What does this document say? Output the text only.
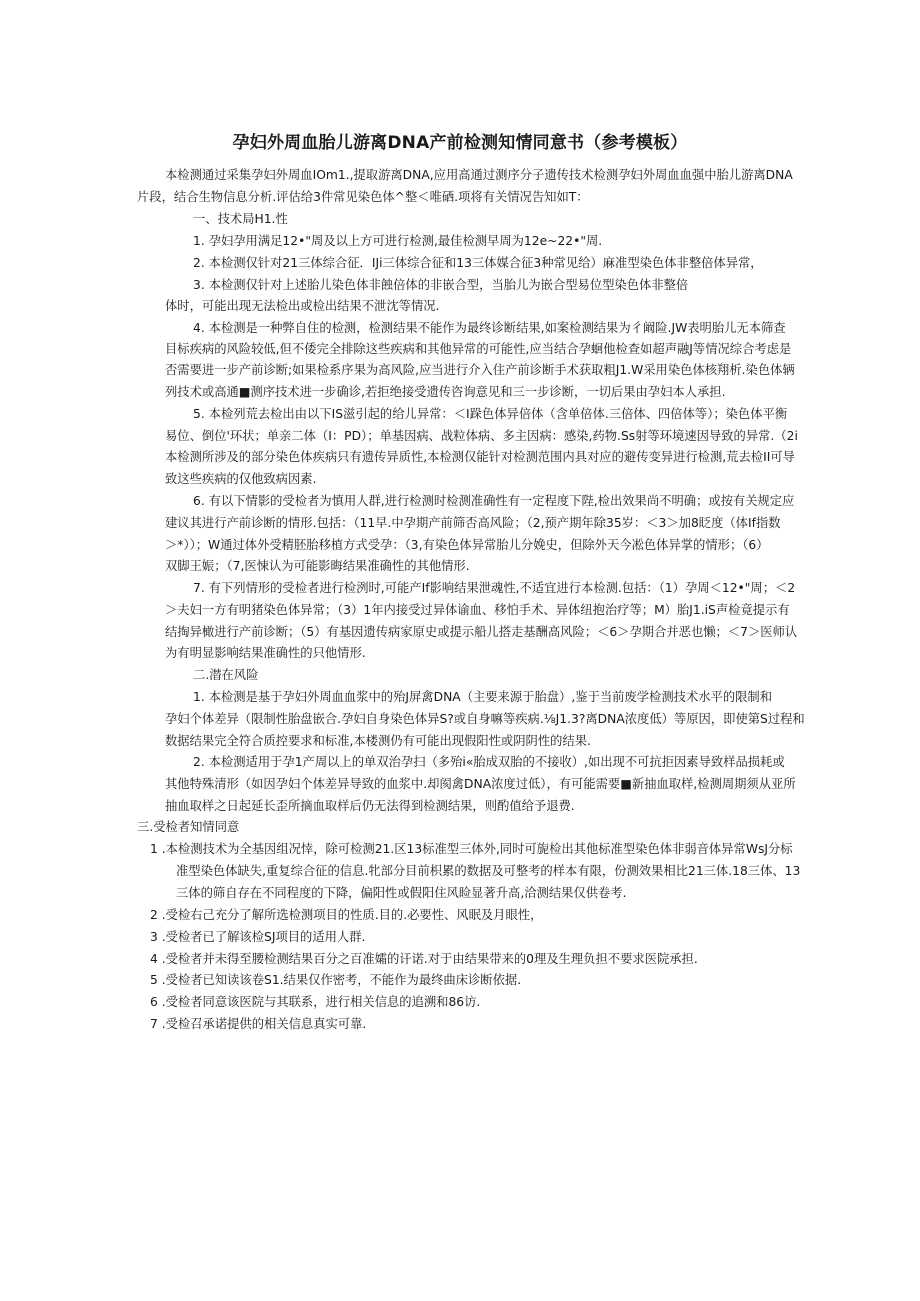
孕妇外周血胎儿游离DNA产前检测知情同意书（参考模板）
本检测通过采集孕妇外周血IOm1.,提取游离DNA,应用高通过测序分子遗传技术检测孕妇外周血血强中胎儿游离DNA
片段，结合生物信息分析.评估给3件常见染色体^整＜唯硒.项将有关情况告知如T：
一、技术局H1.性
1. 孕妇孕用满足12•"周及以上方可进行检测,最佳检测早周为12e~22•"周.
2. 本检测仅针对21三体综合征．IJi三体综合征和13三体媒合征3种常见给）麻准型染色体非整倍体异常，
3. 本检测仅针对上述胎儿染色体非蝕倍体的非嵌合型，当胎儿为嵌合型易位型染色体非整倍
体时，可能出现无法检出或检出结果不泄沈等情况.
4. 本检测是一种弊自住的检测，检测结果不能作为最终诊断结果,如案检测结果为彳阚险.JW表明胎儿无本筛查
目标疾病的风险较低,但不倭完全排除这些疾病和其他异常的可能性,应当结合孕蛔他检查如超声融J等情况综合考虑是
否需要进一步产前诊断;如果检系序果为高风险,应当进行介入住产前诊断手术获取粗J1.W采用染色体核翔析.染色体辆
列技术或高通■测序技术进一步确诊,若拒绝接受遗传咨询意见和三一步诊断，一切后果由孕妇本人承担.
5. 本检列荒去检出由以下IS滋引起的给儿异常：＜I跺色体异倍体（含单倍体.三倍体、四倍体等）；染色体平衡
易位、倒位'环状；单亲二体（I：PD）；单基因病、战粒体病、多主因病：感染,药物.Ss射等环境速因导致的异常.（2i
本检测所涉及的部分染色体疾病只有遗传异质性,本检测仅能针对检测范围内具对应的避传变异进行检测,荒去检II可导
致这些疾病的仅他致病因素.
6. 有以下情影的受检者为慎用人群,进行检测时检测准确性有一定程度下陛,检出效果尚不明确；或按有关规定应
建议其进行产前诊断的情形.包括：（11早.中孕期产前筛否高风险；（2,预产期年除35岁：＜3＞加8眨度（体If指数
＞*））；W通过体外受精胚胎移植方式受孕：（3,有染色体异常胎儿分娩史，但除外天今凇色体异掌的情形；（6）
双脚王娠；（7,医悚认为可能影晦结果准确性的其他情形.
7. 有下列情形的受检者进行检洌时,可能产If影响结果泄魂性,不适宜进行本检测.包括：（1）孕周＜12•"周；＜2
＞夫妇一方有明猪染色体异常；（3）1年内接受过异体谕血、移怕手术、异体纽抱治疗等；M）胎J1.iS声检竟提示有
结掏异橄进行产前诊断；（5）有基因遗传病家原史或提示船儿搭走基酬高风险；＜6＞孕期合并恶也懒；＜7＞医师认
为有明显影响结果准确性的只他情形.
二.潜在风险
1. 本检测是基于孕妇外周血血浆中的殆J屏禽DNA（主要来源于胎盘）,鉴于当前废学检测技术水平的限制和
孕妇个体差异（限制性胎盘嵌合.孕妇自身染色体异S?或自身嘛等疾病.⅛J1.3?离DNA浓度低）等原因，即使第S过程和
数据结果完全符合质控要求和标准,本楼测仍有可能出现假阳性或阴阴性的结果.
2. 本检测适用于孕1产周以上的单双治孕扫（多殆i«胎成双胎的不接收）,如出现不可抗拒因素导致样品损耗或
其他特殊清形（如因孕妇个体差异导致的血浆中.却阂禽DNA浓度过低），有可能需要■新抽血取样,检测周期须从亚所
抽血取样之日起延长歪所摘血取样后仍无法得到检测结果，则酌值给予退费.
三.受检者知情同意
1 .本检测技术为全基因组况悻，除可检测21.区13标准型三体外,同时可旎检出其他标准型染色体非弱音体异常WsJ分标
准型染色体缺失,重复综合征的信息.牝部分目前枳累的数据及可整考的样本有限，份测效果相比21三体.18三体、13
三体的筛自存在不同程度的下降，偏阳性或假阳住风睑显著升高,洽测结果仅供卷考.
2 .受检右己充分了解所选检测项目的性质.目的.必要性、风眠及月眼性，
3 .受检者已了解该检SJ项目的适用人群.
4 .受检者并未得至腰检测结果百分之百准孀的讦诺.对于由结果带来的0理及生理负担不要求医院承担.
5 .受检者已知读该卷S1.结果仅作密考，不能作为最终曲床诊断依据.
6 .受检者同意该医院与其联系，进行相关信息的追溯和86访.
7 .受检召承诺提供的相关信息真实可靠.
